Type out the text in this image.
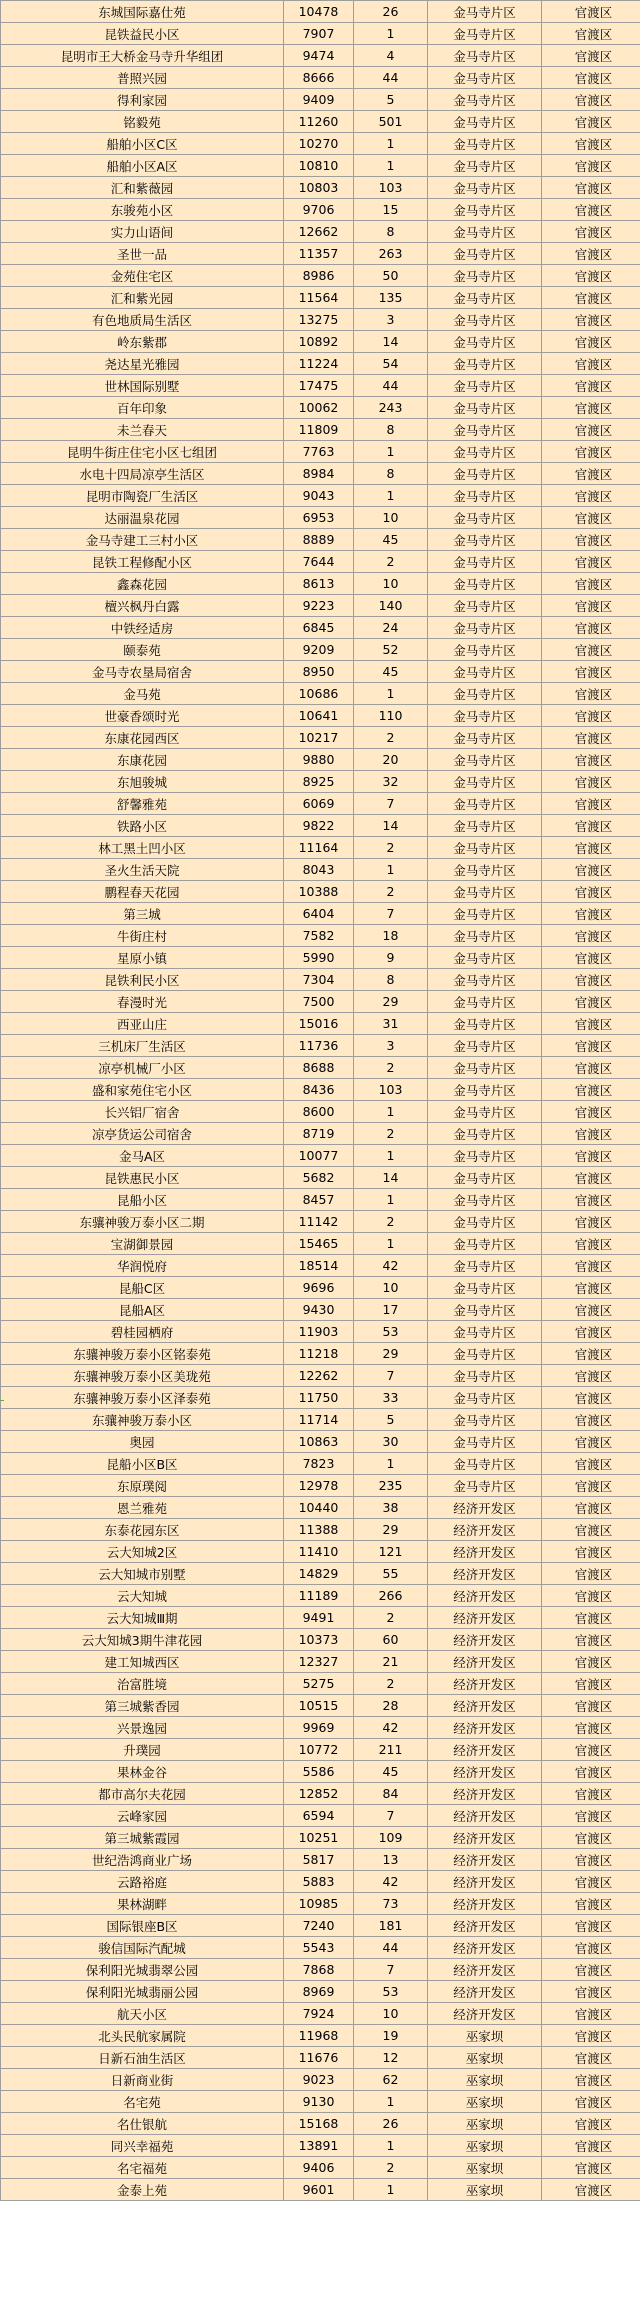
东城国际嘉仕苑	10478	26	金马寺片区	官渡区
昆铁益民小区	7907	1	金马寺片区	官渡区
昆明市王大桥金马寺升华组团	9474	4	金马寺片区	官渡区
普照兴园	8666	44	金马寺片区	官渡区
得利家园	9409	5	金马寺片区	官渡区
铭毅苑	11260	501	金马寺片区	官渡区
船舶小区C区	10270	1	金马寺片区	官渡区
船舶小区A区	10810	1	金马寺片区	官渡区
汇和紫薇园	10803	103	金马寺片区	官渡区
东骏苑小区	9706	15	金马寺片区	官渡区
实力山语间	12662	8	金马寺片区	官渡区
圣世一品	11357	263	金马寺片区	官渡区
金苑住宅区	8986	50	金马寺片区	官渡区
汇和紫光园	11564	135	金马寺片区	官渡区
有色地质局生活区	13275	3	金马寺片区	官渡区
岭东紫郡	10892	14	金马寺片区	官渡区
尧达星光雅园	11224	54	金马寺片区	官渡区
世林国际别墅	17475	44	金马寺片区	官渡区
百年印象	10062	243	金马寺片区	官渡区
未兰春天	11809	8	金马寺片区	官渡区
昆明牛街庄住宅小区七组团	7763	1	金马寺片区	官渡区
水电十四局凉亭生活区	8984	8	金马寺片区	官渡区
昆明市陶瓷厂生活区	9043	1	金马寺片区	官渡区
达丽温泉花园	6953	10	金马寺片区	官渡区
金马寺建工三村小区	8889	45	金马寺片区	官渡区
昆铁工程修配小区	7644	2	金马寺片区	官渡区
鑫森花园	8613	10	金马寺片区	官渡区
檀兴枫丹白露	9223	140	金马寺片区	官渡区
中铁经适房	6845	24	金马寺片区	官渡区
颐泰苑	9209	52	金马寺片区	官渡区
金马寺农垦局宿舍	8950	45	金马寺片区	官渡区
金马苑	10686	1	金马寺片区	官渡区
世豪香颂时光	10641	110	金马寺片区	官渡区
东康花园西区	10217	2	金马寺片区	官渡区
东康花园	9880	20	金马寺片区	官渡区
东旭骏城	8925	32	金马寺片区	官渡区
舒馨雅苑	6069	7	金马寺片区	官渡区
铁路小区	9822	14	金马寺片区	官渡区
林工黑土凹小区	11164	2	金马寺片区	官渡区
圣火生活天院	8043	1	金马寺片区	官渡区
鹏程春天花园	10388	2	金马寺片区	官渡区
第三城	6404	7	金马寺片区	官渡区
牛街庄村	7582	18	金马寺片区	官渡区
星原小镇	5990	9	金马寺片区	官渡区
昆铁利民小区	7304	8	金马寺片区	官渡区
春漫时光	7500	29	金马寺片区	官渡区
西亚山庄	15016	31	金马寺片区	官渡区
三机床厂生活区	11736	3	金马寺片区	官渡区
凉亭机械厂小区	8688	2	金马寺片区	官渡区
盛和家苑住宅小区	8436	103	金马寺片区	官渡区
长兴铝厂宿舍	8600	1	金马寺片区	官渡区
凉亭货运公司宿舍	8719	2	金马寺片区	官渡区
金马A区	10077	1	金马寺片区	官渡区
昆铁惠民小区	5682	14	金马寺片区	官渡区
昆船小区	8457	1	金马寺片区	官渡区
东骧神骏万泰小区二期	11142	2	金马寺片区	官渡区
宝湖御景园	15465	1	金马寺片区	官渡区
华润悦府	18514	42	金马寺片区	官渡区
昆船C区	9696	10	金马寺片区	官渡区
昆船A区	9430	17	金马寺片区	官渡区
碧桂园栖府	11903	53	金马寺片区	官渡区
东骧神骏万泰小区铭泰苑	11218	29	金马寺片区	官渡区
东骧神骏万泰小区美珑苑	12262	7	金马寺片区	官渡区
东骧神骏万泰小区泽泰苑	11750	33	金马寺片区	官渡区
东骧神骏万泰小区	11714	5	金马寺片区	官渡区
奥园	10863	30	金马寺片区	官渡区
昆船小区B区	7823	1	金马寺片区	官渡区
东原璞阅	12978	235	金马寺片区	官渡区
恩兰雅苑	10440	38	经济开发区	官渡区
东泰花园东区	11388	29	经济开发区	官渡区
云大知城2区	11410	121	经济开发区	官渡区
云大知城市别墅	14829	55	经济开发区	官渡区
云大知城	11189	266	经济开发区	官渡区
云大知城Ⅲ期	9491	2	经济开发区	官渡区
云大知城3期牛津花园	10373	60	经济开发区	官渡区
建工知城西区	12327	21	经济开发区	官渡区
治富胜境	5275	2	经济开发区	官渡区
第三城紫香园	10515	28	经济开发区	官渡区
兴景逸园	9969	42	经济开发区	官渡区
升璞园	10772	211	经济开发区	官渡区
果林金谷	5586	45	经济开发区	官渡区
都市高尔夫花园	12852	84	经济开发区	官渡区
云峰家园	6594	7	经济开发区	官渡区
第三城紫霞园	10251	109	经济开发区	官渡区
世纪浩鸿商业广场	5817	13	经济开发区	官渡区
云路裕庭	5883	42	经济开发区	官渡区
果林湖畔	10985	73	经济开发区	官渡区
国际银座B区	7240	181	经济开发区	官渡区
骏信国际汽配城	5543	44	经济开发区	官渡区
保利阳光城翡翠公园	7868	7	经济开发区	官渡区
保利阳光城翡丽公园	8969	53	经济开发区	官渡区
航天小区	7924	10	经济开发区	官渡区
北头民航家属院	11968	19	巫家坝	官渡区
日新石油生活区	11676	12	巫家坝	官渡区
日新商业街	9023	62	巫家坝	官渡区
名宅苑	9130	1	巫家坝	官渡区
名仕银航	15168	26	巫家坝	官渡区
同兴幸福苑	13891	1	巫家坝	官渡区
名宅福苑	9406	2	巫家坝	官渡区
金泰上苑	9601	1	巫家坝	官渡区
